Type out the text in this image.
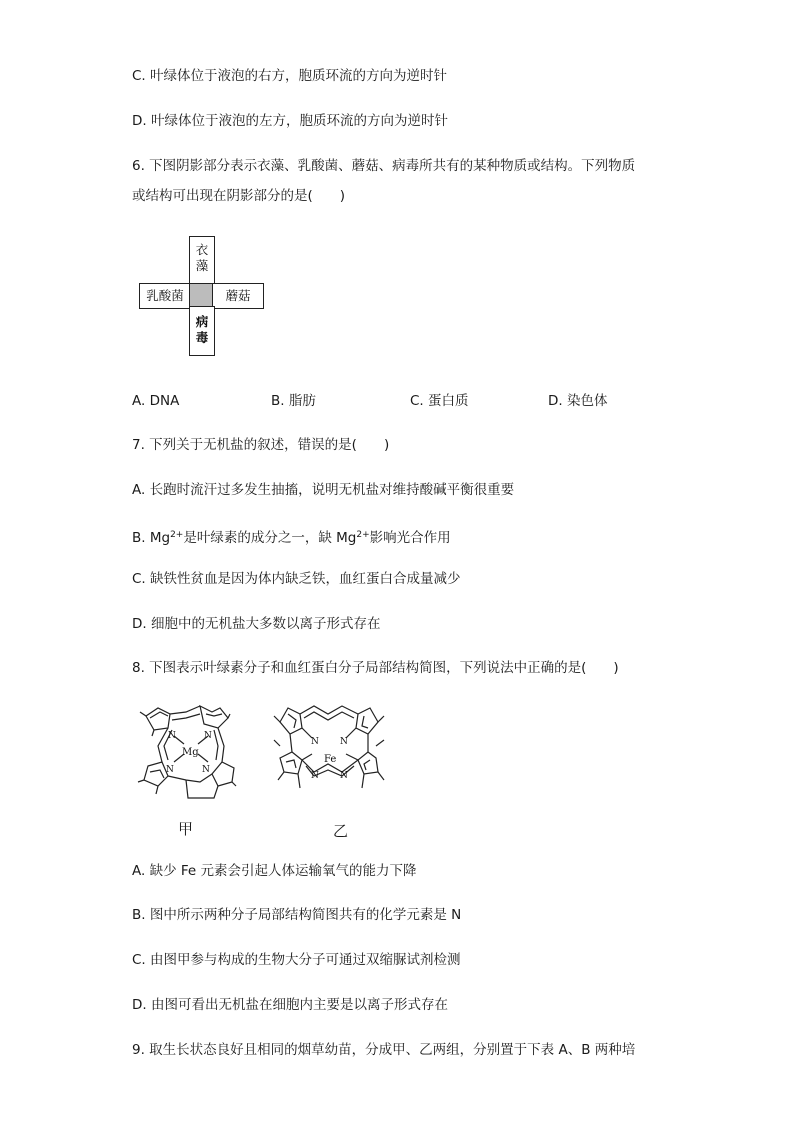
C. 叶绿体位于液泡的右方，胞质环流的方向为逆时针
D. 叶绿体位于液泡的左方，胞质环流的方向为逆时针
6. 下图阴影部分表示衣藻、乳酸菌、蘑菇、病毒所共有的某种物质或结构。下列物质
或结构可出现在阴影部分的是(　　)
衣
藻
乳酸菌	蘑菇
病
毒
A. DNA	B. 脂肪	C. 蛋白质	D. 染色体
7. 下列关于无机盐的叙述，错误的是(　　)
A. 长跑时流汗过多发生抽搐，说明无机盐对维持酸碱平衡很重要
B. $Mg^{2+}$是叶绿素的成分之一，缺 $Mg^{2+}$影响光合作用
C. 缺铁性贫血是因为体内缺乏铁，血红蛋白合成量减少
D. 细胞中的无机盐大多数以离子形式存在
8. 下图表示叶绿素分子和血红蛋白分子局部结构简图，下列说法中正确的是(　　)
N	N
Mg
N	N
N N
Fe
N N
甲	乙
A. 缺少 Fe 元素会引起人体运输氧气的能力下降
B. 图中所示两种分子局部结构简图共有的化学元素是 N
C. 由图甲参与构成的生物大分子可通过双缩脲试剂检测
D. 由图可看出无机盐在细胞内主要是以离子形式存在
9. 取生长状态良好且相同的烟草幼苗，分成甲、乙两组，分别置于下表 A、B 两种培
